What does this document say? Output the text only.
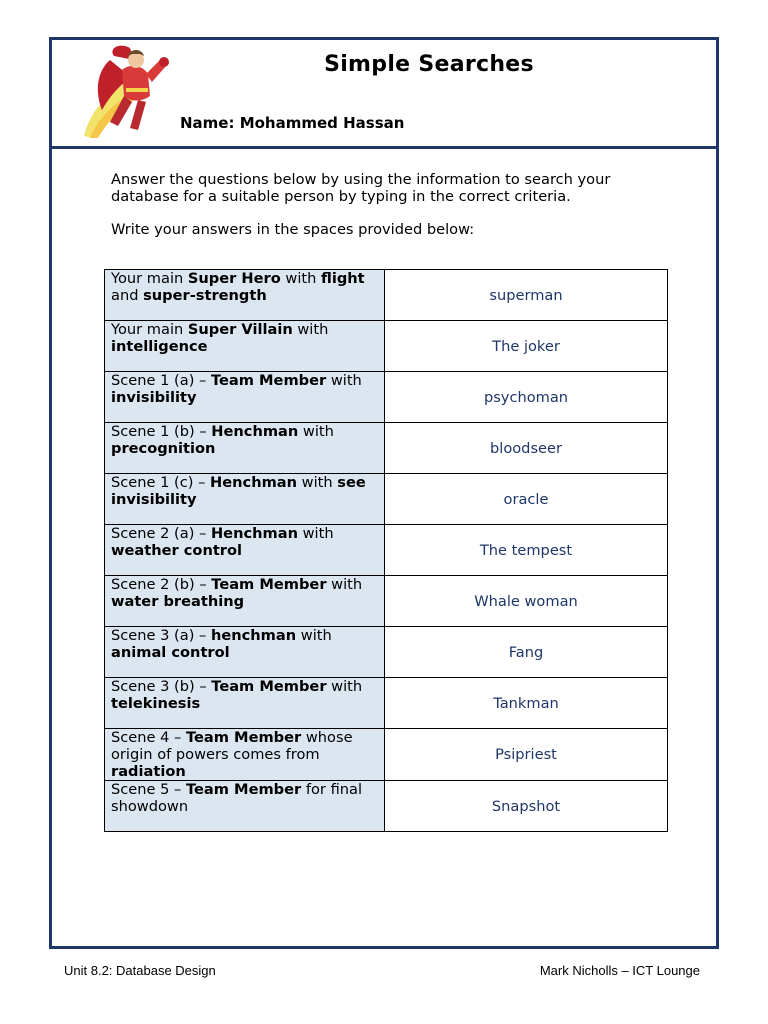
Simple Searches
Name: Mohammed Hassan

Answer the questions below by using the information to search your database for a suitable person by typing in the correct criteria.

Write your answers in the spaces provided below:

Your main Super Hero with flight and super-strength	superman
Your main Super Villain with intelligence	The joker
Scene 1 (a) – Team Member with invisibility	psychoman
Scene 1 (b) – Henchman with precognition	bloodseer
Scene 1 (c) – Henchman with see invisibility	oracle
Scene 2 (a) – Henchman with weather control	The tempest
Scene 2 (b) – Team Member with water breathing	Whale woman
Scene 3 (a) – henchman with animal control	Fang
Scene 3 (b) – Team Member with telekinesis	Tankman
Scene 4 – Team Member whose origin of powers comes from radiation	Psipriest
Scene 5 – Team Member for final showdown	Snapshot
Unit 8.2: Database Design	Mark Nicholls – ICT Lounge
